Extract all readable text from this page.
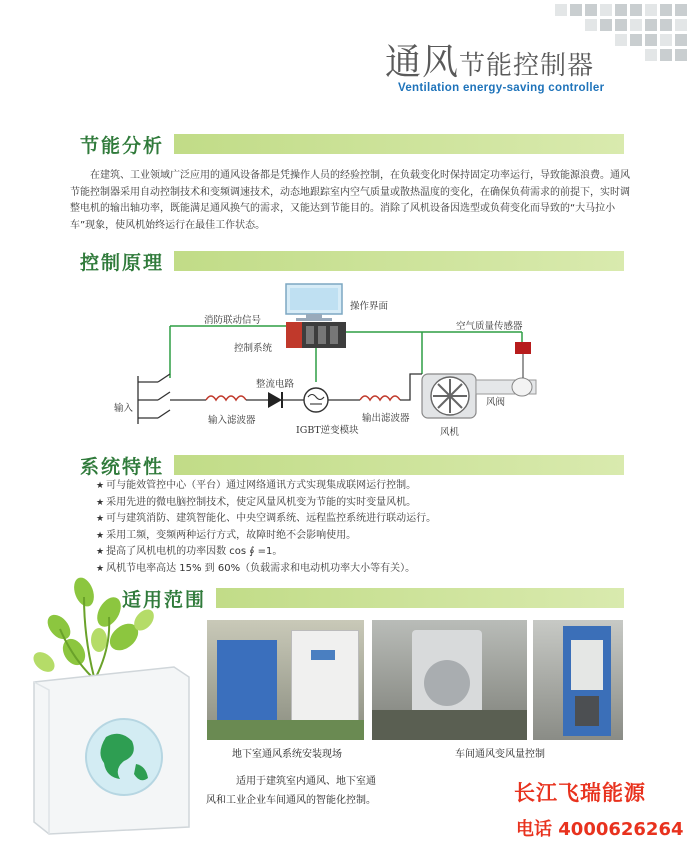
通风节能控制器
Ventilation energy-saving controller
节能分析

在建筑、工业领域广泛应用的通风设备都是凭操作人员的经验控制，在负载变化时保持固定功率运行，导致能源浪费。通风节能控制器采用自动控制技术和变频调速技术，动态地跟踪室内空气质量或散热温度的变化，在确保负荷需求的前提下，实时调整电机的输出轴功率，既能满足通风换气的需求，又能达到节能目的。消除了风机设备因选型或负荷变化而导致的“大马拉小车”现象，使风机始终运行在最佳工作状态。

控制原理
操作界面
消防联动信号
空气质量传感器
控制系统
整流电路
输入
输入滤波器
IGBT逆变模块
输出滤波器
风阀
风机
系统特性
★ 可与能效管控中心（平台）通过网络通讯方式实现集成联网运行控制。
★ 采用先进的微电脑控制技术，使定风量风机变为节能的实时变量风机。
★ 可与建筑消防、建筑智能化、中央空调系统、远程监控系统进行联动运行。
★ 采用工频，变频两种运行方式，故障时绝不会影响使用。
★ 提高了风机电机的功率因数 cos ∮ =1。
★ 风机节电率高达 15% 到 60%（负载需求和电动机功率大小等有关）。
适用范围
地下室通风系统安装现场	车间通风变风量控制
适用于建筑室内通风、地下室通
风和工业企业车间通风的智能化控制。	长江飞瑞能源
电话 4000626264
